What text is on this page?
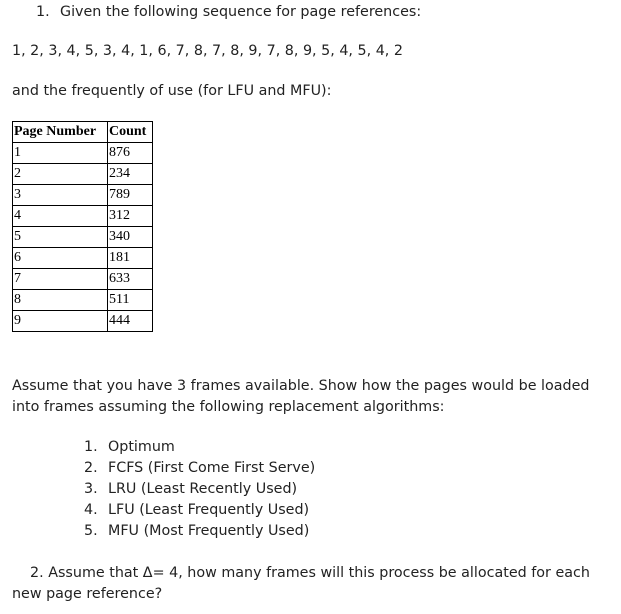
1. Given the following sequence for page references:
1, 2, 3, 4, 5, 3, 4, 1, 6, 7, 8, 7, 8, 9, 7, 8, 9, 5, 4, 5, 4, 2
and the frequently of use (for LFU and MFU):
Page Number	Count
1	876
2	234
3	789
4	312
5	340
6	181
7	633
8	511
9	444
Assume that you have 3 frames available. Show how the pages would be loaded into frames assuming the following replacement algorithms:
1. Optimum
2. FCFS (First Come First Serve)
3. LRU (Least Recently Used)
4. LFU (Least Frequently Used)
5. MFU (Most Frequently Used)
2. Assume that Δ= 4, how many frames will this process be allocated for each new page reference?
